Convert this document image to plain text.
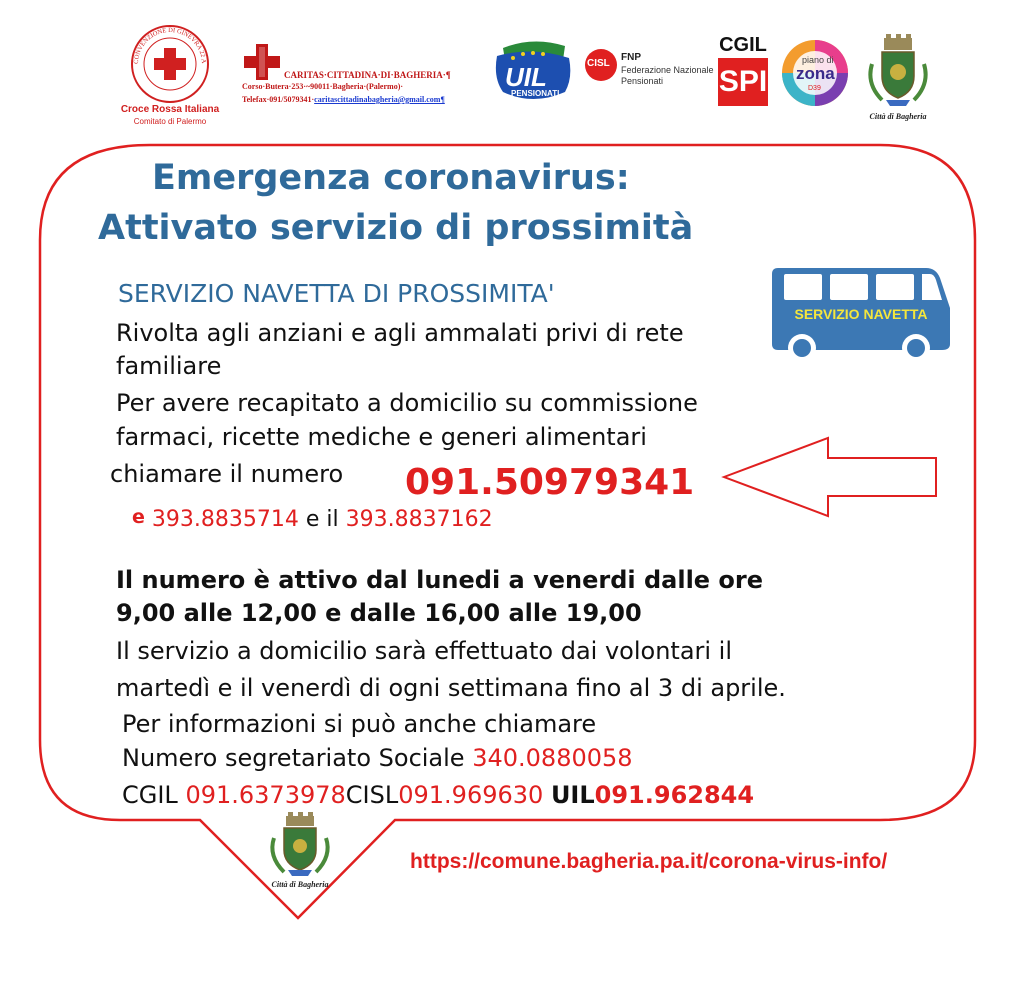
CONVENZIONE DI GINEVRA 22 A
Croce Rossa Italiana
Comitato di Palermo
CARITAS·CITTADINA·DI·BAGHERIA·¶
Corso·Butera·253·~90011·Bagheria·(Palermo)·
Telefax·091/5079341·caritascittadinabagheria@gmail.com¶
UIL
PENSIONATI
CISL
FNP
Federazione Nazionale
Pensionati
CGIL
SPI
piano di
zona
D39
Città di Bagheria
Emergenza coronavirus:
Attivato servizio di prossimità
SERVIZIO NAVETTA DI PROSSIMITA'
Rivolta agli anziani e agli ammalati privi di rete
familiare
Per avere recapitato a domicilio su commissione
farmaci, ricette mediche e generi alimentari
chiamare il numero 091.50979341
e 393.8835714 e il 393.8837162
SERVIZIO NAVETTA
Il numero è attivo dal lunedi a venerdi dalle ore
9,00 alle 12,00 e dalle 16,00 alle 19,00
Il servizio a domicilio sarà effettuato dai volontari il
martedì e il venerdì di ogni settimana fino al 3 di aprile.
Per informazioni si può anche chiamare
Numero segretariato Sociale 340.0880058
CGIL 091.6373978CISL091.969630 UIL091.962844
Città di Bagheria
https://comune.bagheria.pa.it/corona-virus-info/
